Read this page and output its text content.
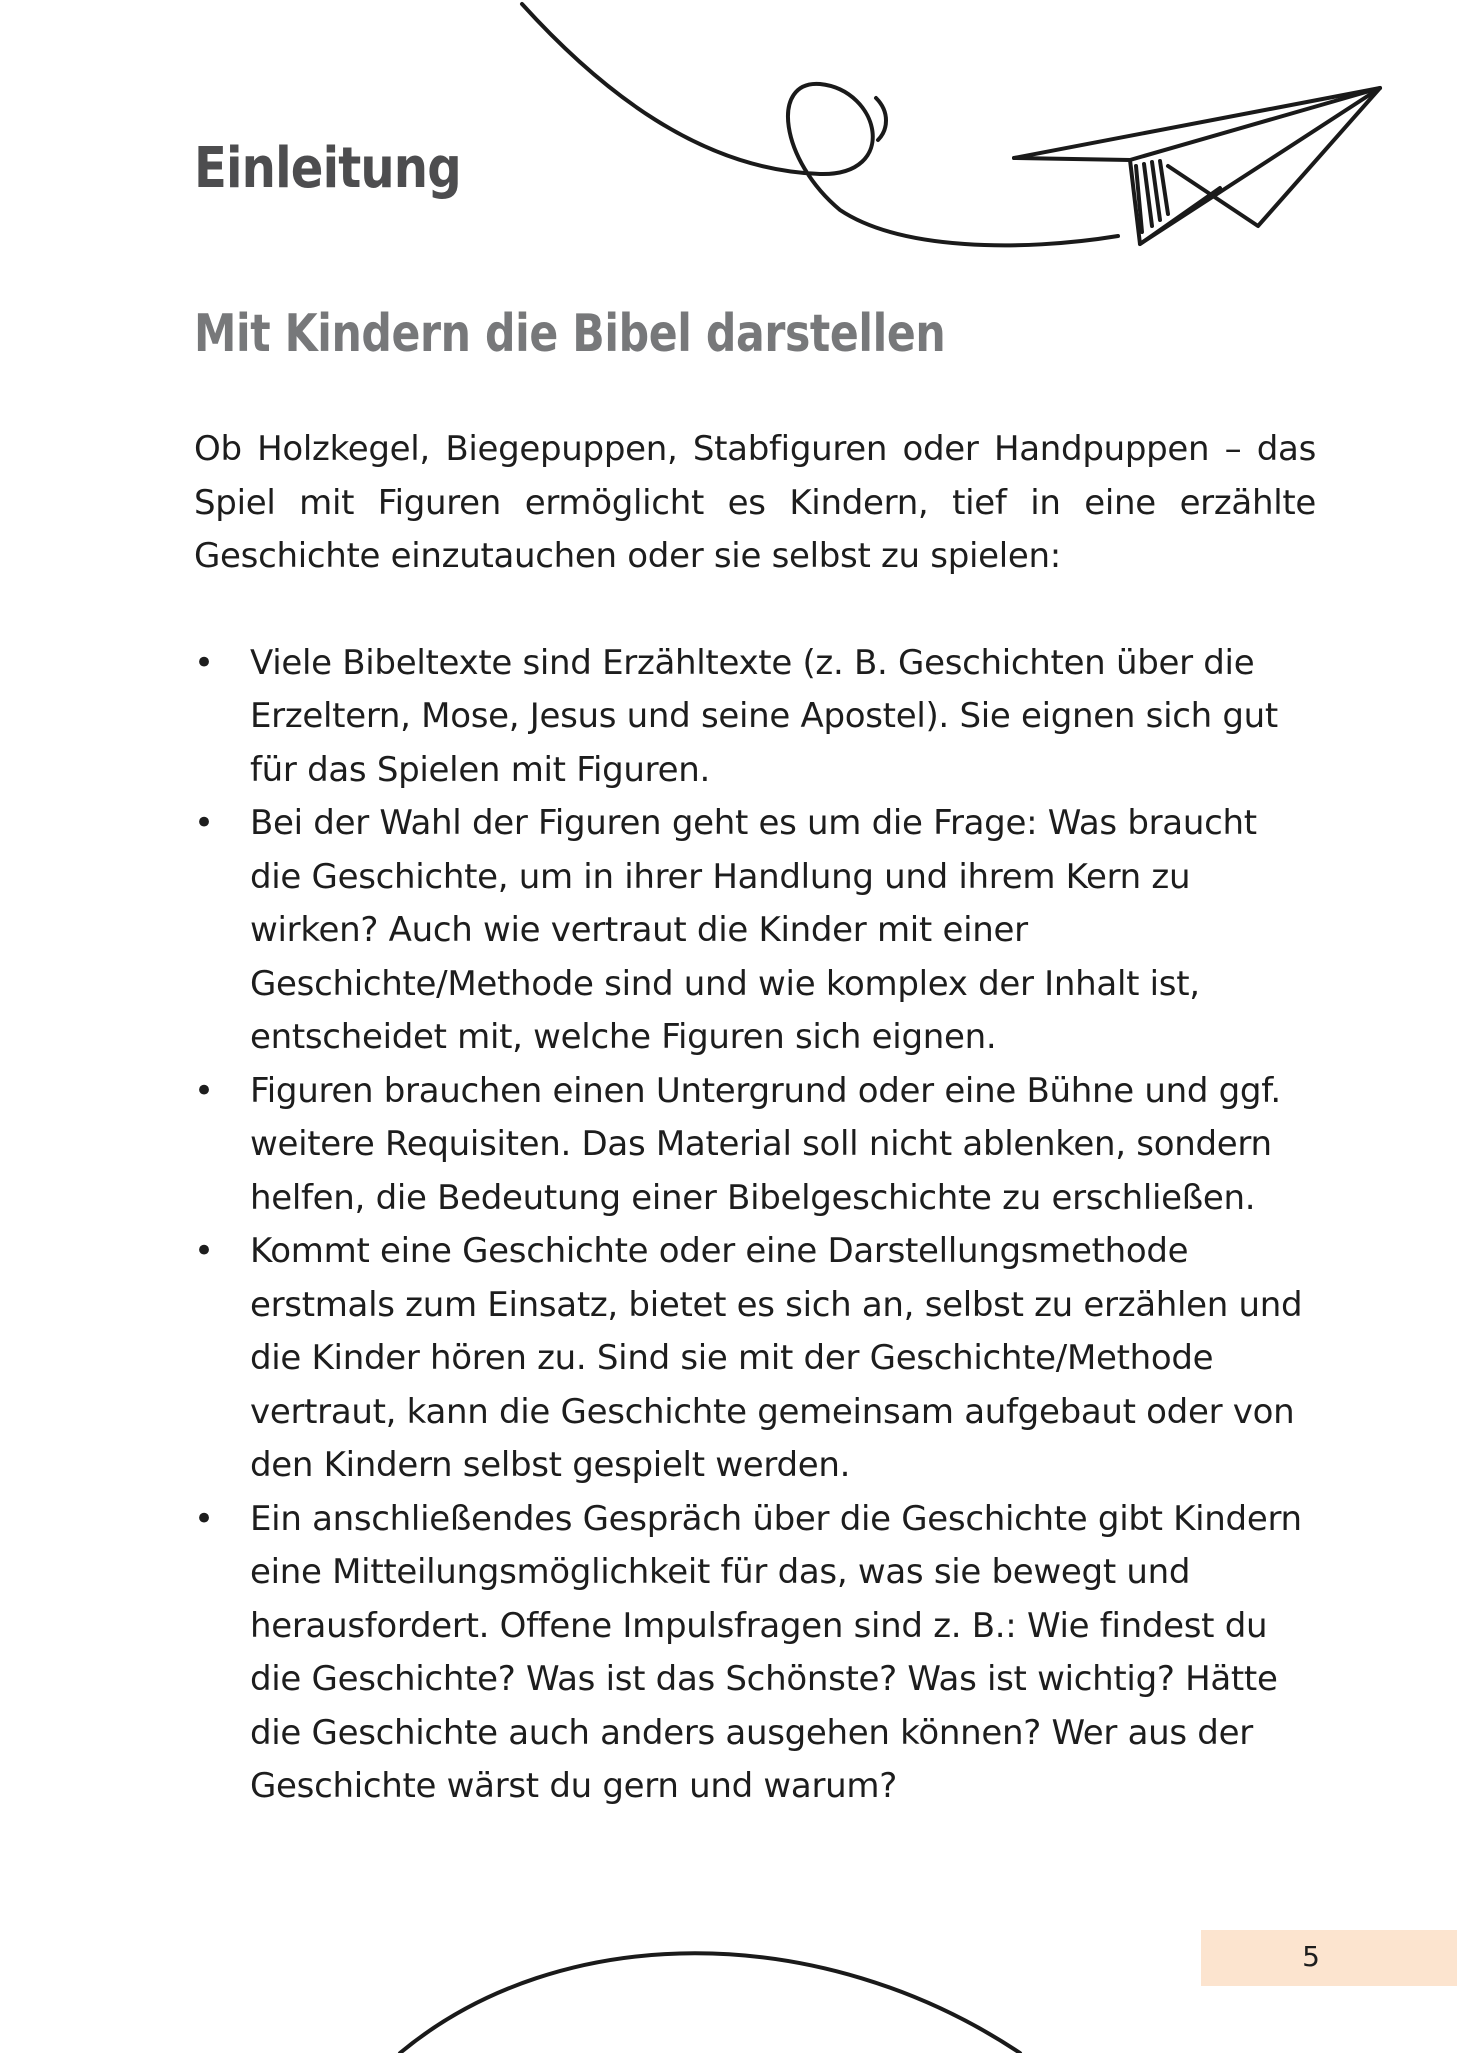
Einleitung
Mit Kindern die Bibel darstellen

Ob Holzkegel, Biegepuppen, Stabfiguren oder Handpuppen – das Spiel mit Figuren ermöglicht es Kindern, tief in eine erzählte Geschichte einzutauchen oder sie selbst zu spielen:

• Viele Bibeltexte sind Erzähltexte (z. B. Geschichten über die Erzeltern, Mose, Jesus und seine Apostel). Sie eignen sich gut für das Spielen mit Figuren.
• Bei der Wahl der Figuren geht es um die Frage: Was braucht die Geschichte, um in ihrer Handlung und ihrem Kern zu wirken? Auch wie vertraut die Kinder mit einer Geschichte/Methode sind und wie komplex der Inhalt ist, entscheidet mit, welche Figuren sich eignen.
• Figuren brauchen einen Untergrund oder eine Bühne und ggf. weitere Requisiten. Das Material soll nicht ablenken, sondern helfen, die Bedeutung einer Bibelgeschichte zu erschließen.
• Kommt eine Geschichte oder eine Darstellungsmethode erstmals zum Einsatz, bietet es sich an, selbst zu erzählen und die Kinder hören zu. Sind sie mit der Geschichte/Methode vertraut, kann die Geschichte gemeinsam aufgebaut oder von den Kindern selbst gespielt werden.
• Ein anschließendes Gespräch über die Geschichte gibt Kindern eine Mitteilungsmöglichkeit für das, was sie bewegt und herausfordert. Offene Impulsfragen sind z. B.: Wie findest du die Geschichte? Was ist das Schönste? Was ist wichtig? Hätte die Geschichte auch anders ausgehen können? Wer aus der Geschichte wärst du gern und warum?
5
